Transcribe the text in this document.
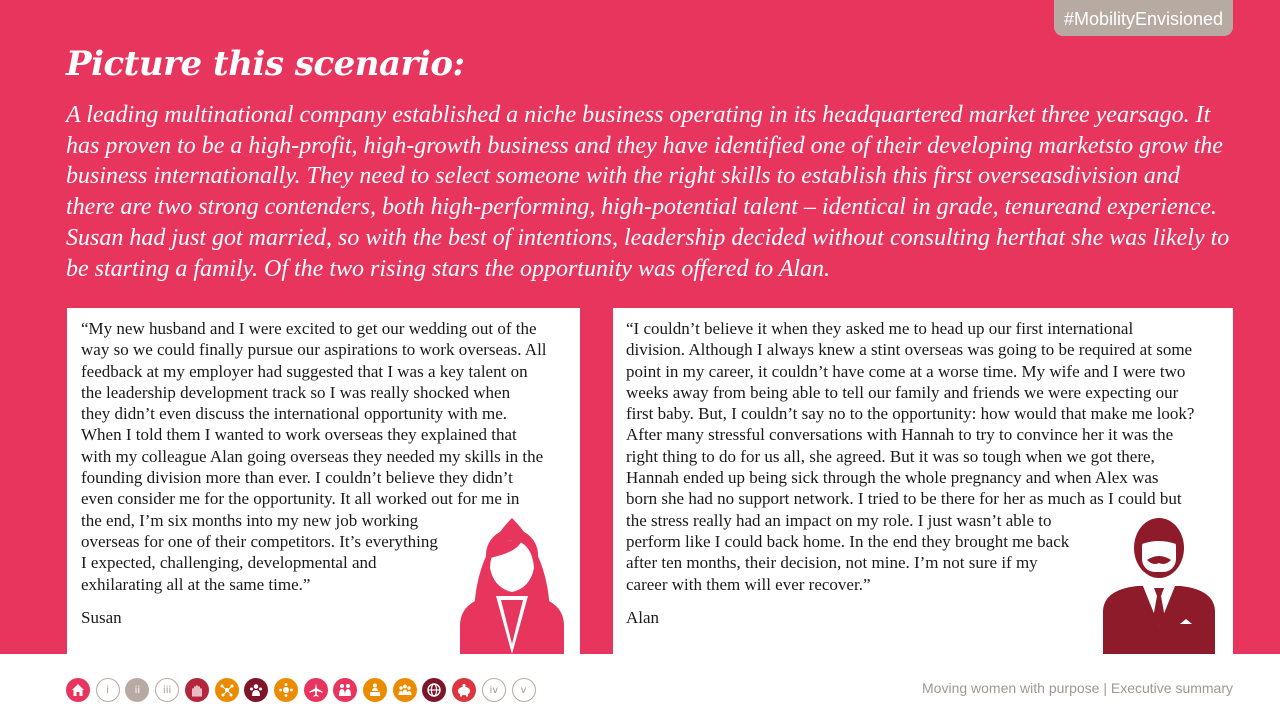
#MobilityEnvisioned
Picture this scenario:
A leading multinational company established a niche business operating in its headquartered market three yearsago. It has proven to be a high-profit, high-growth business and they have identified one of their developing marketsto grow the business internationally. They need to select someone with the right skills to establish this first overseasdivision and there are two strong contenders, both high-performing, high-potential talent – identical in grade, tenureand experience. Susan had just got married, so with the best of intentions, leadership decided without consulting herthat she was likely to be starting a family. Of the two rising stars the opportunity was offered to Alan.
“My new husband and I were excited to get our wedding out of the
way so we could finally pursue our aspirations to work overseas. All
feedback at my employer had suggested that I was a key talent on
the leadership development track so I was really shocked when
they didn’t even discuss the international opportunity with me.
When I told them I wanted to work overseas they explained that
with my colleague Alan going overseas they needed my skills in the
founding division more than ever. I couldn’t believe they didn’t
even consider me for the opportunity. It all worked out for me in
the end, I’m six months into my new job working
overseas for one of their competitors. It’s everything
I expected, challenging, developmental and
exhilarating all at the same time.”
Susan
“I couldn’t believe it when they asked me to head up our first international
division. Although I always knew a stint overseas was going to be required at some
point in my career, it couldn’t have come at a worse time. My wife and I were two
weeks away from being able to tell our family and friends we were expecting our
first baby. But, I couldn’t say no to the opportunity: how would that make me look?
After many stressful conversations with Hannah to try to convince her it was the
right thing to do for us all, she agreed. But it was so tough when we got there,
Hannah ended up being sick through the whole pregnancy and when Alex was
born she had no support network. I tried to be there for her as much as I could but
the stress really had an impact on my role. I just wasn’t able to
perform like I could back home. In the end they brought me back
after ten months, their decision, not mine. I’m not sure if my
career with them will ever recover.”
Alan
i	ii iii	iv v	Moving women with purpose | Executive summary
